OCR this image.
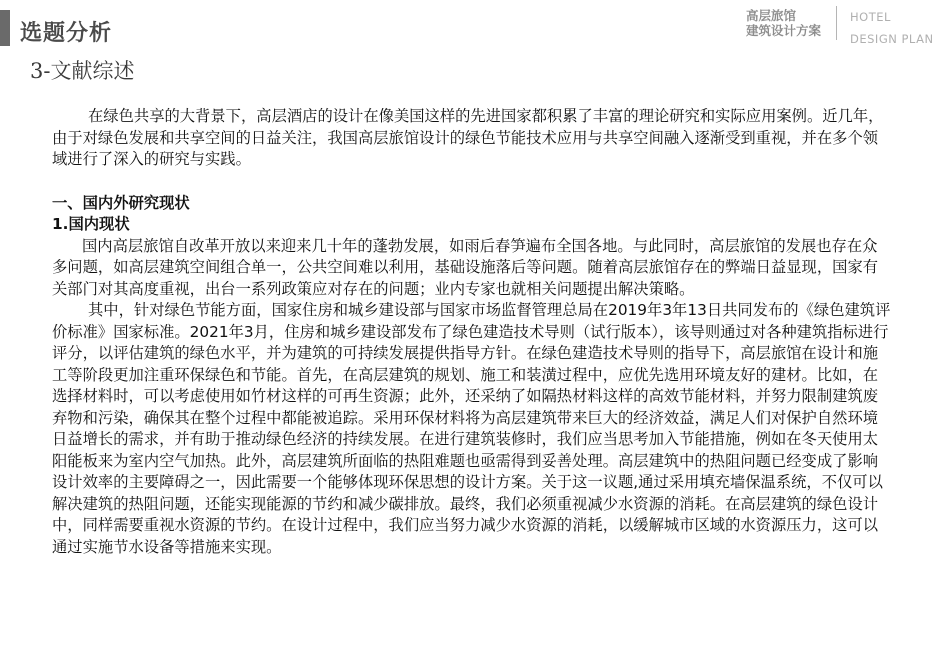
选题分析
3-文献综述
高层旅馆
建筑设计方案
HOTEL
DESIGN PLAN

在绿色共享的大背景下，高层酒店的设计在像美国这样的先进国家都积累了丰富的理论研究和实际应用案例。近几年，由于对绿色发展和共享空间的日益关注，我国高层旅馆设计的绿色节能技术应用与共享空间融入逐渐受到重视，并在多个领域进行了深入的研究与实践。

一、国内外研究现状

1.国内现状

国内高层旅馆自改革开放以来迎来几十年的蓬勃发展，如雨后春笋遍布全国各地。与此同时，高层旅馆的发展也存在众多问题，如高层建筑空间组合单一，公共空间难以利用，基础设施落后等问题。随着高层旅馆存在的弊端日益显现，国家有关部门对其高度重视，出台一系列政策应对存在的问题；业内专家也就相关问题提出解决策略。

其中，针对绿色节能方面，国家住房和城乡建设部与国家市场监督管理总局在2019年3年13日共同发布的《绿色建筑评价标准》国家标准。2021年3月，住房和城乡建设部发布了绿色建造技术导则（试行版本），该导则通过对各种建筑指标进行评分，以评估建筑的绿色水平，并为建筑的可持续发展提供指导方针。在绿色建造技术导则的指导下，高层旅馆在设计和施工等阶段更加注重环保绿色和节能。首先，在高层建筑的规划、施工和装潢过程中，应优先选用环境友好的建材。比如，在选择材料时，可以考虑使用如竹材这样的可再生资源；此外，还采纳了如隔热材料这样的高效节能材料，并努力限制建筑废弃物和污染，确保其在整个过程中都能被追踪。采用环保材料将为高层建筑带来巨大的经济效益，满足人们对保护自然环境日益增长的需求，并有助于推动绿色经济的持续发展。在进行建筑装修时，我们应当思考加入节能措施，例如在冬天使用太阳能板来为室内空气加热。此外，高层建筑所面临的热阻难题也亟需得到妥善处理。高层建筑中的热阻问题已经变成了影响设计效率的主要障碍之一，因此需要一个能够体现环保思想的设计方案。关于这一议题,通过采用填充墙保温系统，不仅可以解决建筑的热阻问题，还能实现能源的节约和减少碳排放。最终，我们必须重视减少水资源的消耗。在高层建筑的绿色设计中，同样需要重视水资源的节约。在设计过程中，我们应当努力减少水资源的消耗，以缓解城市区域的水资源压力，这可以通过实施节水设备等措施来实现。
